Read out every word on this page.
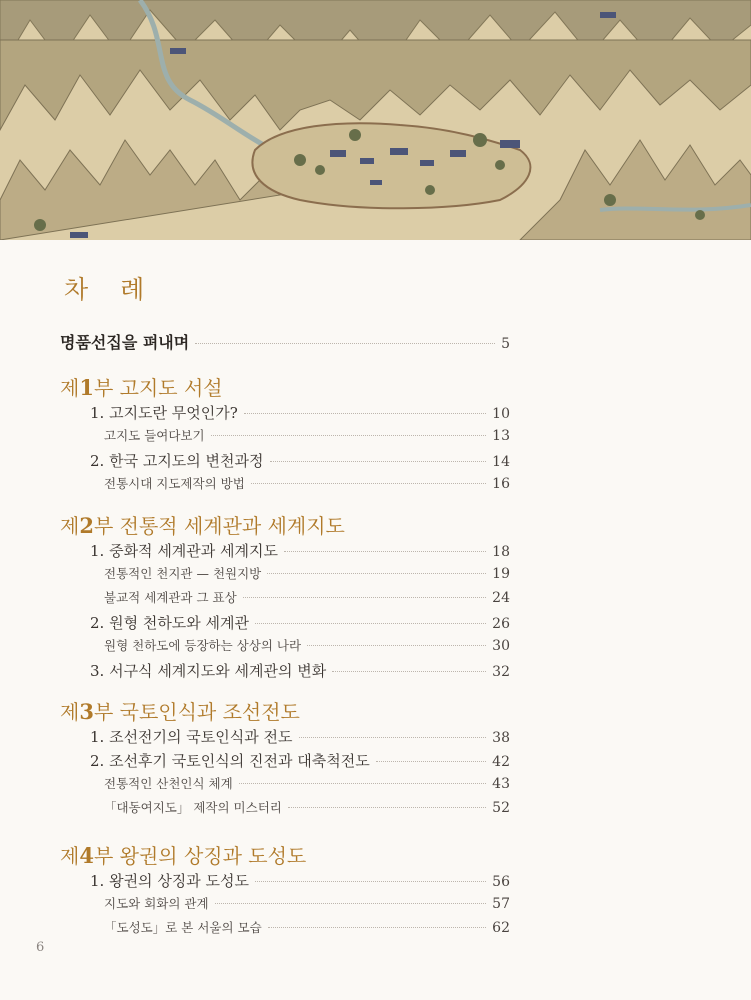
차 례
명품선집을 펴내며	5
제 1 부 고지도 서설
1. 고지도란 무엇인가?	10
고지도 들여다보기	13
2. 한국 고지도의 변천과정	14
전통시대 지도제작의 방법	16
제 2 부 전통적 세계관과 세계지도
1. 중화적 세계관과 세계지도	18
전통적인 천지관 — 천원지방	19
불교적 세계관과 그 표상	24
2. 원형 천하도와 세계관	26
원형 천하도에 등장하는 상상의 나라	30
3. 서구식 세계지도와 세계관의 변화	32
제 3 부 국토인식과 조선전도
1. 조선전기의 국토인식과 전도	38
2. 조선후기 국토인식의 진전과 대축척전도	42
전통적인 산천인식 체계	43
「대동여지도」 제작의 미스터리	52
제 4 부 왕권의 상징과 도성도
1. 왕권의 상징과 도성도	56
지도와 회화의 관계	57
「도성도」로 본 서울의 모습	62
6
